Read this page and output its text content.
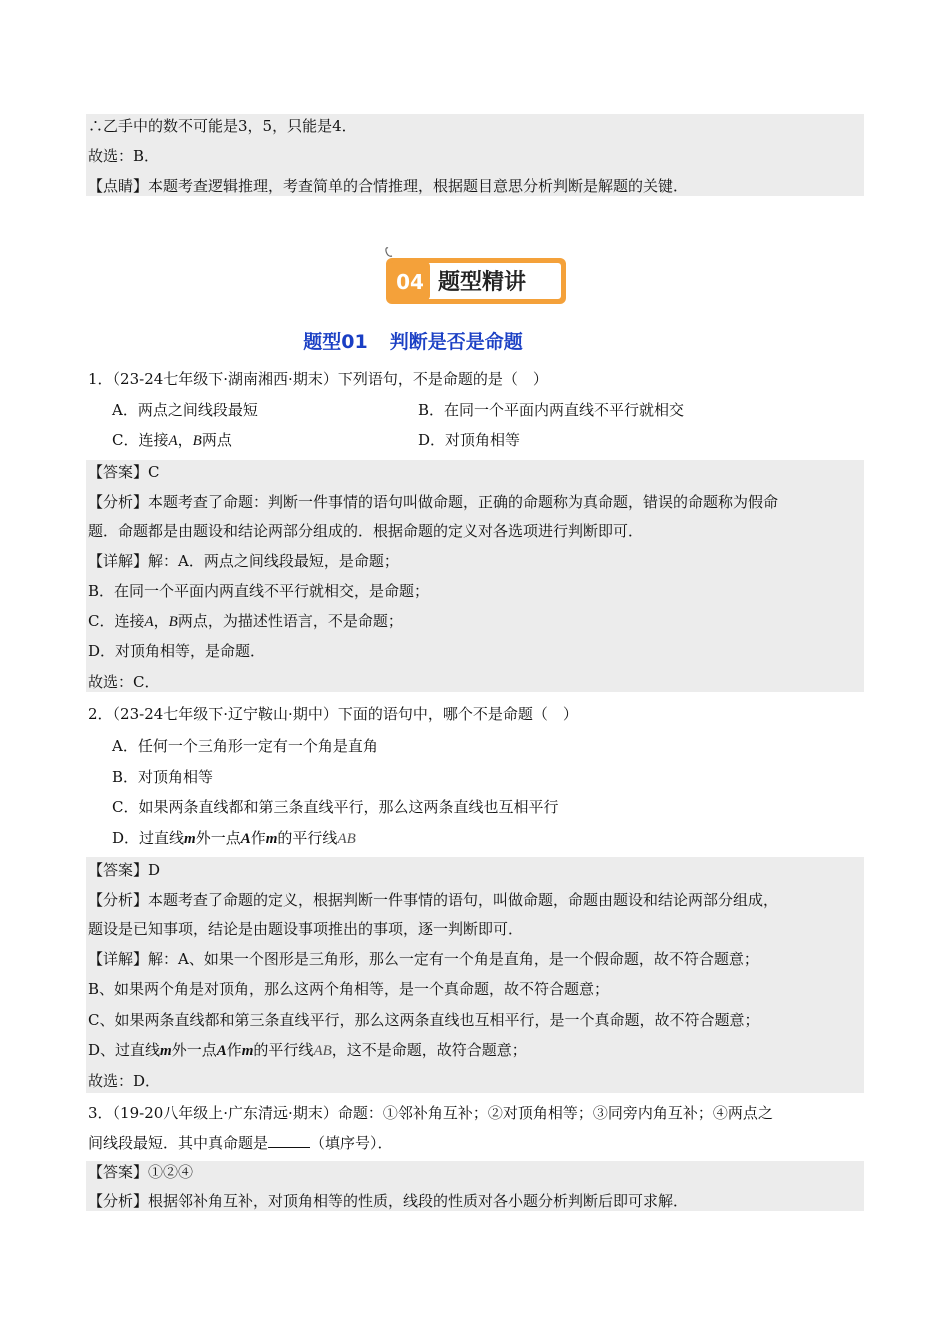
∴乙手中的数不可能是3，5，只能是4．
故选：B．
【点睛】本题考查逻辑推理，考查简单的合情推理，根据题目意思分析判断是解题的关键．
04 题型精讲
题型01 判断是否是命题
1．（23-24七年级下·湖南湘西·期末）下列语句，不是命题的是（　）
A．两点之间线段最短	B．在同一个平面内两直线不平行就相交
C．连接A，B两点	D．对顶角相等
【答案】C
【分析】本题考查了命题：判断一件事情的语句叫做命题，正确的命题称为真命题，错误的命题称为假命
题．命题都是由题设和结论两部分组成的．根据命题的定义对各选项进行判断即可．
【详解】解：A．两点之间线段最短，是命题；
B．在同一个平面内两直线不平行就相交，是命题；
C．连接A，B两点，为描述性语言，不是命题；
D．对顶角相等，是命题．
故选：C．
2．（23-24七年级下·辽宁鞍山·期中）下面的语句中，哪个不是命题（　）
A．任何一个三角形一定有一个角是直角
B．对顶角相等
C．如果两条直线都和第三条直线平行，那么这两条直线也互相平行
D．过直线m外一点A作m的平行线AB
【答案】D
【分析】本题考查了命题的定义，根据判断一件事情的语句，叫做命题，命题由题设和结论两部分组成，
题设是已知事项，结论是由题设事项推出的事项，逐一判断即可．
【详解】解：A、如果一个图形是三角形，那么一定有一个角是直角，是一个假命题，故不符合题意；
B、如果两个角是对顶角，那么这两个角相等，是一个真命题，故不符合题意；
C、如果两条直线都和第三条直线平行，那么这两条直线也互相平行，是一个真命题，故不符合题意；
D、过直线m外一点A作m的平行线AB，这不是命题，故符合题意；
故选：D．
3．（19-20八年级上·广东清远·期末）命题：①邻补角互补；②对顶角相等；③同旁内角互补；④两点之
间线段最短．其中真命题是	（填序号）．
【答案】①②④
【分析】根据邻补角互补，对顶角相等的性质，线段的性质对各小题分析判断后即可求解．
